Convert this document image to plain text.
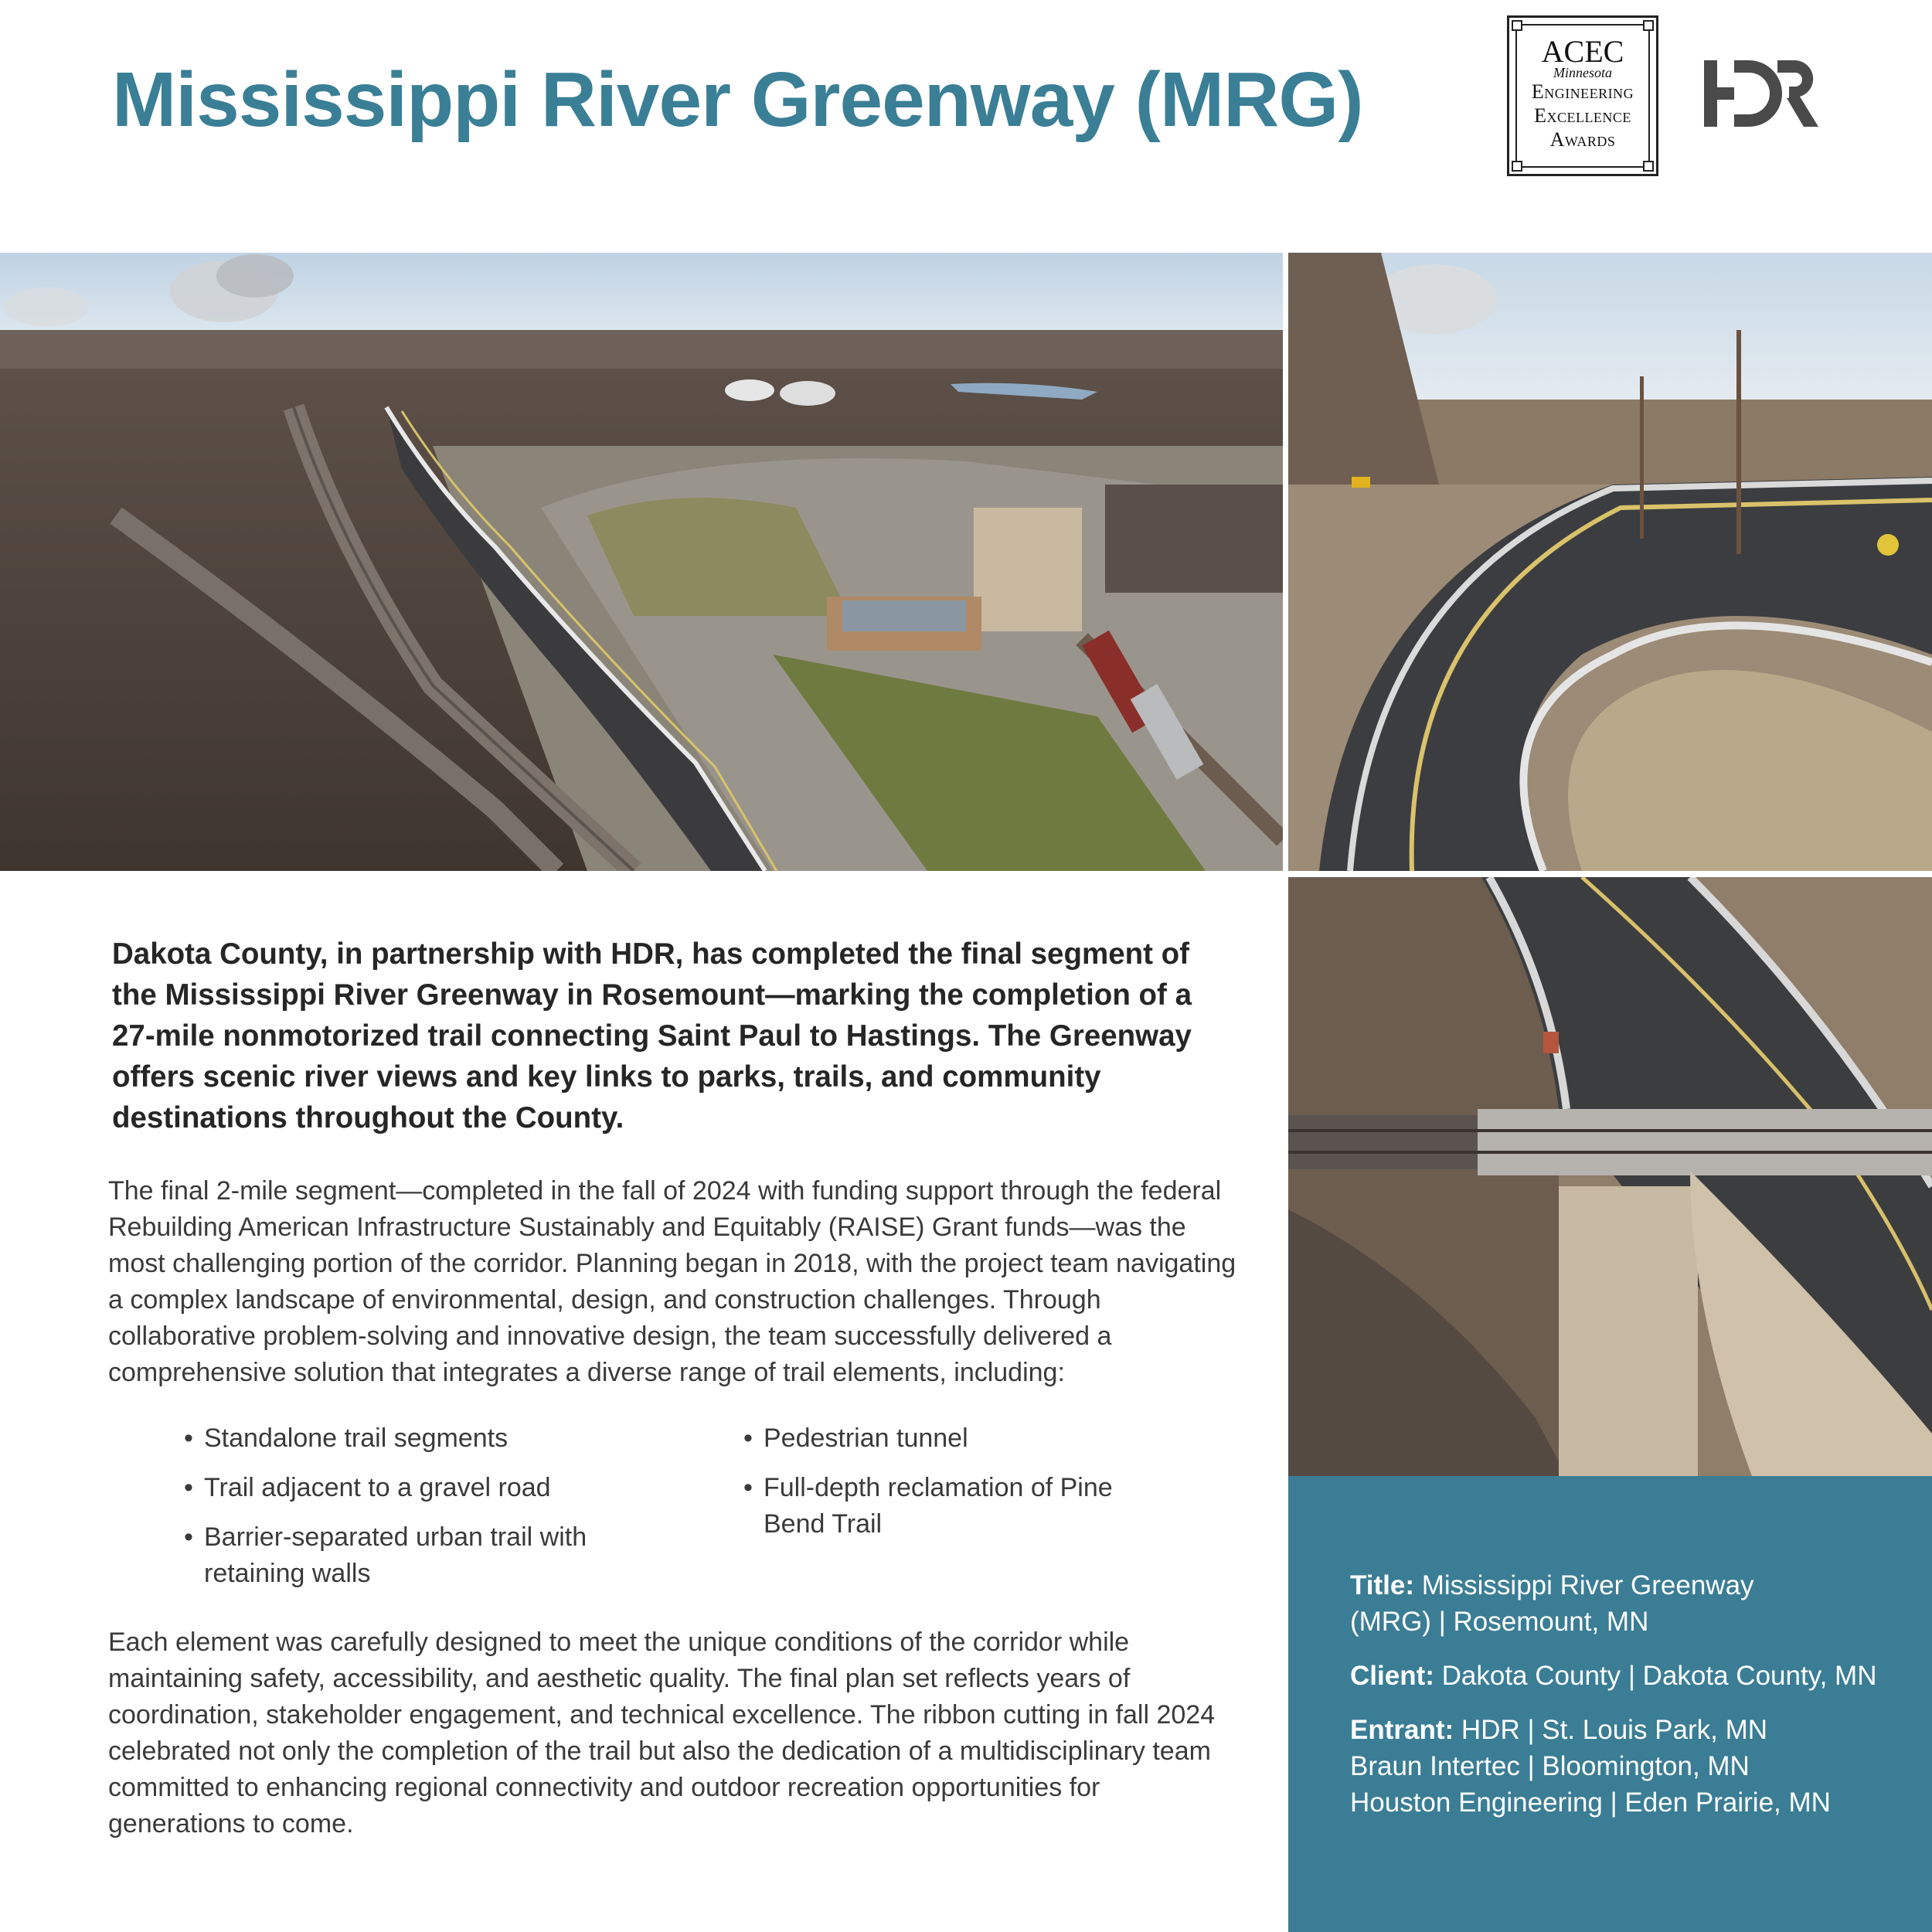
Mississippi River Greenway (MRG)
ACEC
Minnesota
Engineering
Excellence
Awards
Title: Mississippi River Greenway
(MRG) | Rosemount, MN
Client: Dakota County | Dakota County, MN
Entrant: HDR | St. Louis Park, MN
Braun Intertec | Bloomington, MN
Houston Engineering | Eden Prairie, MN
Dakota County, in partnership with HDR, has completed the final segment of the Mississippi River Greenway in Rosemount—marking the completion of a 27-mile nonmotorized trail connecting Saint Paul to Hastings. The Greenway offers scenic river views and key links to parks, trails, and community destinations throughout the County.
The final 2-mile segment—completed in the fall of 2024 with funding support through the federal Rebuilding American Infrastructure Sustainably and Equitably (RAISE) Grant funds—was the most challenging portion of the corridor. Planning began in 2018, with the project team navigating a complex landscape of environmental, design, and construction challenges. Through collaborative problem-solving and innovative design, the team successfully delivered a comprehensive solution that integrates a diverse range of trail elements, including:
• Standalone trail segments
• Trail adjacent to a gravel road
• Barrier-separated urban trail with retaining walls
• Pedestrian tunnel
• Full-depth reclamation of Pine Bend Trail
Each element was carefully designed to meet the unique conditions of the corridor while maintaining safety, accessibility, and aesthetic quality. The final plan set reflects years of coordination, stakeholder engagement, and technical excellence. The ribbon cutting in fall 2024 celebrated not only the completion of the trail but also the dedication of a multidisciplinary team committed to enhancing regional connectivity and outdoor recreation opportunities for generations to come.
